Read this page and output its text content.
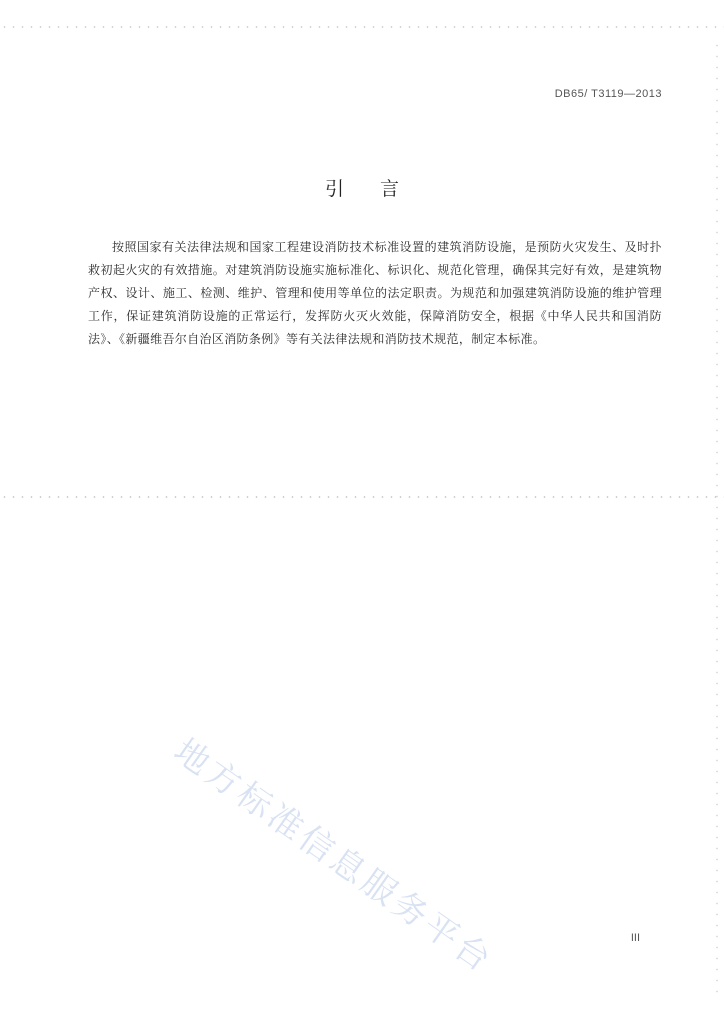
DB65/ T3119—2013
引言
按照国家有关法律法规和国家工程建设消防技术标准设置的建筑消防设施，是预防火灾发生、及时扑救初起火灾的有效措施。对建筑消防设施实施标准化、标识化、规范化管理，确保其完好有效，是建筑物产权、设计、施工、检测、维护、管理和使用等单位的法定职责。为规范和加强建筑消防设施的维护管理工作，保证建筑消防设施的正常运行，发挥防火灭火效能，保障消防安全，根据《中华人民共和国消防法》、《新疆维吾尔自治区消防条例》等有关法律法规和消防技术规范，制定本标准。
地方标准信息服务平台	III
